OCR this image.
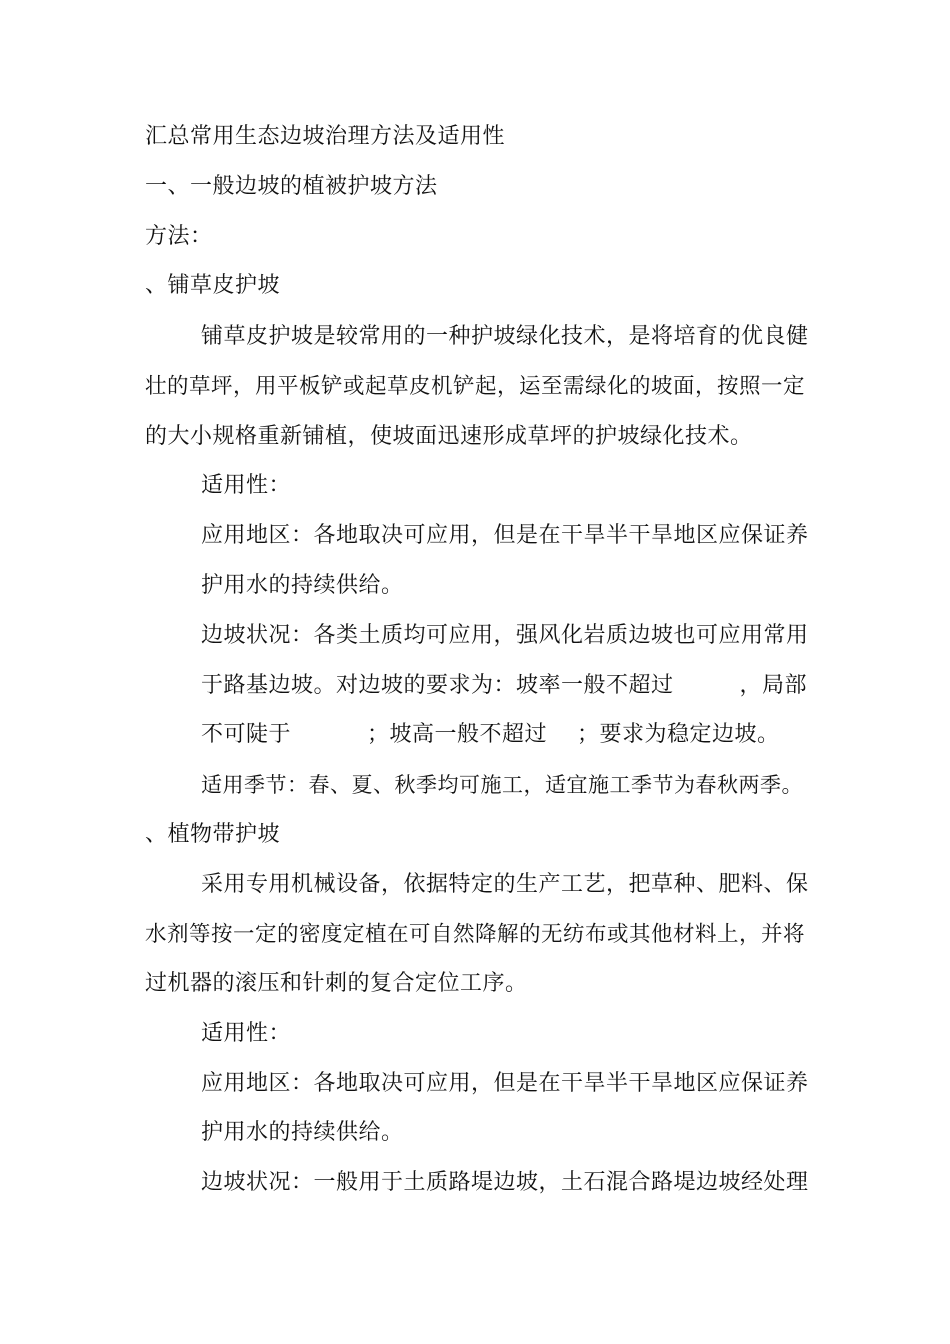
汇总常用生态边坡治理方法及适用性
一、一般边坡的植被护坡方法
方法：
、铺草皮护坡
铺草皮护坡是较常用的一种护坡绿化技术，是将培育的优良健
壮的草坪，用平板铲或起草皮机铲起，运至需绿化的坡面，按照一定
的大小规格重新铺植，使坡面迅速形成草坪的护坡绿化技术。
适用性：
应用地区：各地取决可应用，但是在干旱半干旱地区应保证养
护用水的持续供给。
边坡状况：各类土质均可应用，强风化岩质边坡也可应用常用
于路基边坡。对边坡的要求为：坡率一般不超过	，局部
不可陡于	；坡高一般不超过 ；要求为稳定边坡。
适用季节：春、夏、秋季均可施工，适宜施工季节为春秋两季。
、植物带护坡
采用专用机械设备，依据特定的生产工艺，把草种、肥料、保
水剂等按一定的密度定植在可自然降解的无纺布或其他材料上，并将
过机器的滚压和针刺的复合定位工序。
适用性：
应用地区：各地取决可应用，但是在干旱半干旱地区应保证养
护用水的持续供给。
边坡状况：一般用于土质路堤边坡，土石混合路堤边坡经处理
